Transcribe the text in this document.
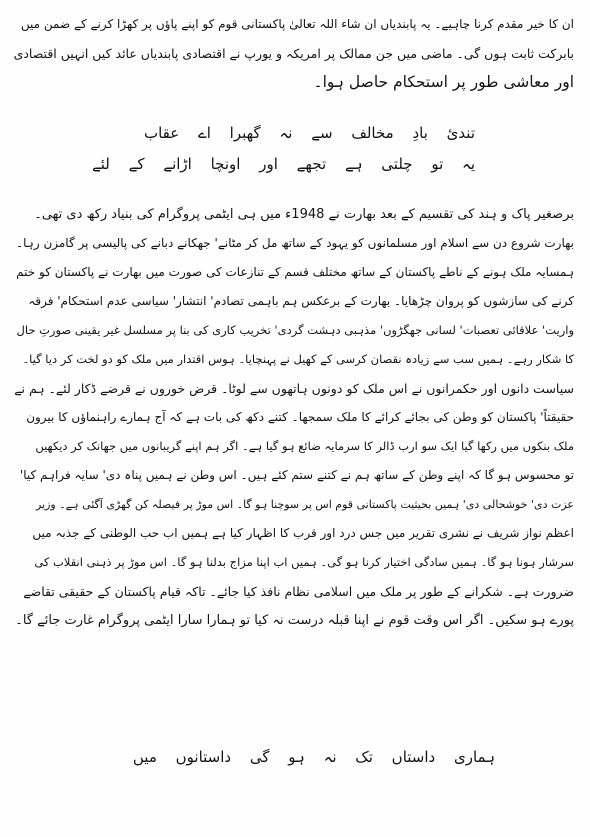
ان کا خیر مقدم کرنا چاہیے۔ یہ پابندیاں ان شاء اللہ تعالیٰ پاکستانی قوم کو اپنے پاؤں پر کھڑا کرنے کے ضمن میں
بابرکت ثابت ہوں گی۔ ماضی میں جن ممالک پر امریکہ و یورپ نے اقتصادی پابندیاں عائد کیں انہیں اقتصادی
اور معاشی طور پر استحکام حاصل ہوا۔
تندیٔ بادِ مخالف سے نہ گھبرا اے عقاب
یہ تو چلتی ہے تجھے اور اونچا اڑانے کے لئے
برصغیر پاک و ہند کی تقسیم کے بعد بھارت نے 1948ء میں ہی ایٹمی پروگرام کی بنیاد رکھ دی تھی۔
بھارت شروع دن سے اسلام اور مسلمانوں کو یہود کے ساتھ مل کر مٹانے' جھکانے دبانے کی پالیسی پر گامزن رہا۔
ہمسایہ ملک ہونے کے ناطے پاکستان کے ساتھ مختلف قسم کے تنازعات کی صورت میں بھارت نے پاکستان کو ختم
کرنے کی سازشوں کو پروان چڑھایا۔ بھارت کے برعکس ہم باہمی تصادم' انتشار' سیاسی عدم استحکام' فرقہ
واریت' علاقائی تعصبات' لسانی جھگڑوں' مذہبی دہشت گردی' تخریب کاری کی بنا پر مسلسل غیر یقینی صورتِ حال
کا شکار رہے۔ ہمیں سب سے زیادہ نقصان کرسی کے کھیل نے پہنچایا۔ ہوس اقتدار میں ملک کو دو لخت کر دیا گیا۔
سیاست دانوں اور حکمرانوں نے اس ملک کو دونوں ہاتھوں سے لوٹا۔ قرض خوروں نے قرضے ڈکار لئے۔ ہم نے
حقیقتاً' پاکستان کو وطن کی بجائے کرائے کا ملک سمجھا۔ کتنے دکھ کی بات ہے کہ آج ہمارے راہنماؤں کا بیرون
ملک بنکوں میں رکھا گیا ایک سو ارب ڈالر کا سرمایہ ضائع ہو گیا ہے۔ اگر ہم اپنے گریبانوں میں جھانک کر دیکھیں
تو محسوس ہو گا کہ اپنے وطن کے ساتھ ہم نے کتنے ستم کئے ہیں۔ اس وطن نے ہمیں پناہ دی' سایہ فراہم کیا'
عزت دی' خوشحالی دی' ہمیں بحیثیت پاکستانی قوم اس پر سوچنا ہو گا۔ اس موڑ پر فیصلہ کن گھڑی آگئی ہے۔ وزیر
اعظم نواز شریف نے نشری تقریر میں جس درد اور قرب کا اظہار کیا ہے ہمیں اب حب الوطنی کے جذبہ میں
سرشار ہونا ہو گا۔ ہمیں سادگی اختیار کرنا ہو گی۔ ہمیں اب اپنا مزاج بدلنا ہو گا۔ اس موڑ پر ذہنی انقلاب کی
ضرورت ہے۔ شکرانے کے طور پر ملک میں اسلامی نظام نافذ کیا جائے۔ تاکہ قیام پاکستان کے حقیقی تقاضے
پورے ہو سکیں۔ اگر اس وقت قوم نے اپنا قبلہ درست نہ کیا تو ہمارا سارا ایٹمی پروگرام غارت جائے گا۔
ہماری داستاں تک نہ ہو گی داستانوں میں
